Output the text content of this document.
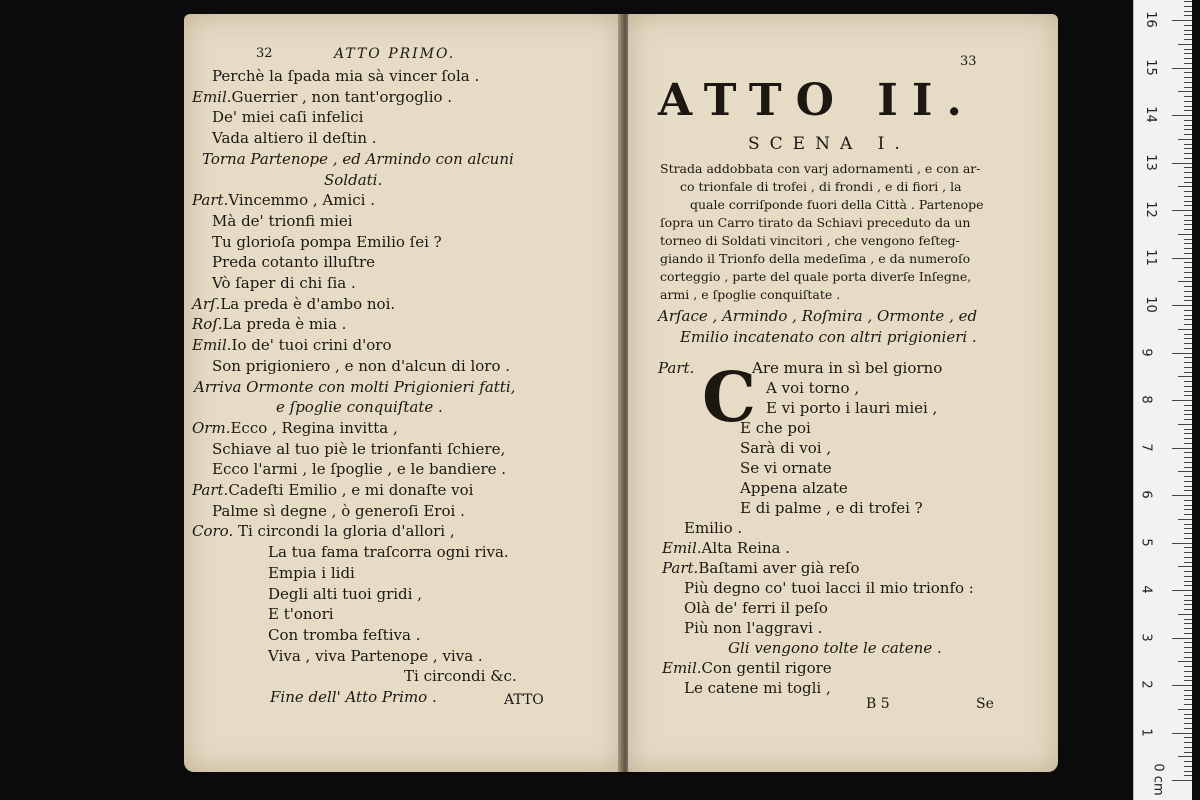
32	ATTO PRIMO.
Perchè la ſpada mia sà vincer ſola .
Emil.Guerrier , non tant'orgoglio .
De' miei caſi infelici
Vada altiero il deſtin .
Torna Partenope , ed Armindo con alcuni
Soldati.
Part.Vincemmo , Amici .
Mà de' trionfi miei
Tu glorioſa pompa Emilio ſei ?
Preda cotanto illuſtre
Vò ſaper di chi ſia .
Arſ.La preda è d'ambo noi.
Roſ.La preda è mia .
Emil.Io de' tuoi crini d'oro
Son prigioniero , e non d'alcun di loro .
Arriva Ormonte con molti Prigionieri fatti,
e ſpoglie conquiſtate .
Orm.Ecco , Regina invitta ,
Schiave al tuo piè le trionfanti ſchiere,
Ecco l'armi , le ſpoglie , e le bandiere .
Part.Cadeſti Emilio , e mi donaſte voi
Palme sì degne , ò generoſi Eroi .
Coro. Ti circondi la gloria d'allori ,
La tua fama traſcorra ogni riva.
Empia i lidi
Degli alti tuoi gridi ,
E t'onori
Con tromba feſtiva .
Viva , viva Partenope , viva .
Ti circondi &c.
Fine dell' Atto Primo .	ATTO
33
ATTO II.
SCENA I.
Strada addobbata con varj adornamenti , e con ar-
co trionfale di trofei , di frondi , e di fiori , la
quale corriſponde fuori della Città . Partenope
ſopra un Carro tirato da Schiavi preceduto da un
torneo di Soldati vincitori , che vengono feſteg-
giando il Trionfo della medeſima , e da numeroſo
corteggio , parte del quale porta diverſe Inſegne,
armi , e ſpoglie conquiſtate .
Arſace , Armindo , Roſmira , Ormonte , ed
Emilio incatenato con altri prigionieri .
Part. C
Are mura in sì bel giorno
A voi torno ,
E vi porto i lauri miei ,
E che poi
Sarà di voi ,
Se vi ornate
Appena alzate
E di palme , e di trofei ?
Emilio .
Emil.Alta Reina .
Part.Baſtami aver già reſo
Più degno co' tuoi lacci il mio trionfo :
Olà de' ferri il peſo
Più non l'aggravi .
Gli vengono tolte le catene .
Emil.Con gentil rigore
Le catene mi togli ,
B 5	Se
0 cm
1
2
3
4
5
6
7
8
9
10
11
12
13
14
15
16
